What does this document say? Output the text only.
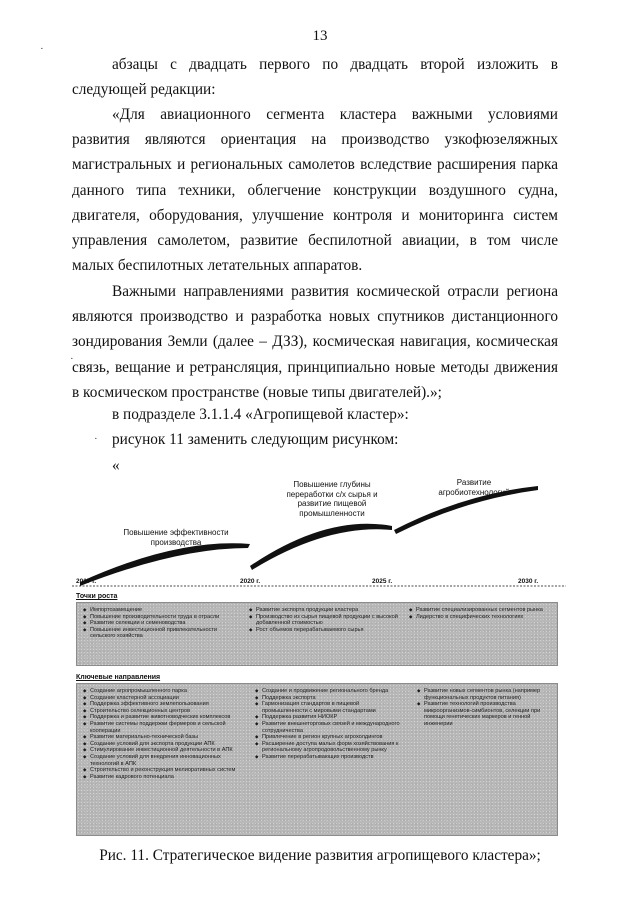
13

абзацы с двадцать первого по двадцать второй изложить в следующей редакции:

«Для авиационного сегмента кластера важными условиями развития являются ориентация на производство узкофюзеляжных магистральных и региональных самолетов вследствие расширения парка данного типа техники, облегчение конструкции воздушного судна, двигателя, оборудования, улучшение контроля и мониторинга систем управления самолетом, развитие беспилотной авиации, в том числе малых беспилотных летательных аппаратов.

Важными направлениями развития космической отрасли региона являются производство и разработка новых спутников дистанционного зондирования Земли (далее – ДЗЗ), космическая навигация, космическая связь, вещание и ретрансляция, принципиально новые методы движения в космическом пространстве (новые типы двигателей).»;

в подразделе 3.1.1.4 «Агропищевой кластер»:

рисунок 11 заменить следующим рисунком:

«

·
·
·
Повышение эффективности производства
Повышение глубины переработки с/х сырья и развитие пищевой промышленности
Развитие агробиотехнологий
2017 г.	2020 г.	2025 г.	2030 г.
Точки роста
◆ Импортозамещение
◆ Повышение производительности труда в отрасли
◆ Развитие селекции и семеноводства
◆ Повышение инвестиционной привлекательности сельского хозяйства
◆ Развитие экспорта продукции кластера
◆ Производство из сырья пищевой продукции с высокой добавленной стоимостью
◆ Рост объемов перерабатываемого сырья
◆ Развитие специализированных сегментов рынка
◆ Лидерство в специфических технологиях
Ключевые направления
◆ Создание агропромышленного парка
◆ Создание кластерной ассоциации
◆ Поддержка эффективного землепользования
◆ Строительство селекционных центров
◆ Поддержка и развитие животноводческих комплексов
◆ Развитие системы поддержки фермеров и сельской кооперации
◆ Развитие материально-технической базы
◆ Создание условий для экспорта продукции АПК
◆ Стимулирование инвестиционной деятельности в АПК
◆ Создание условий для внедрения инновационных технологий в АПК
◆ Строительство и реконструкция мелиоративных систем
◆ Развитие кадрового потенциала
◆ Создание и продвижение регионального бренда
◆ Поддержка экспорта
◆ Гармонизация стандартов в пищевой промышленности с мировыми стандартами
◆ Поддержка развития НИОКР
◆ Развитие внешнеторговых связей и международного сотрудничества
◆ Привлечение в регион крупных агрохолдингов
◆ Расширение доступа малых форм хозяйствования к региональному агропродовольственному рынку
◆ Развитие перерабатывающих производств
◆ Развитие новых сегментов рынка (например функциональных продуктов питания)
◆ Развитие технологий производства микроорганизмов-симбионтов, селекции при помощи генетических маркеров и генной инженерии
Рис. 11. Стратегическое видение развития агропищевого кластера»;
